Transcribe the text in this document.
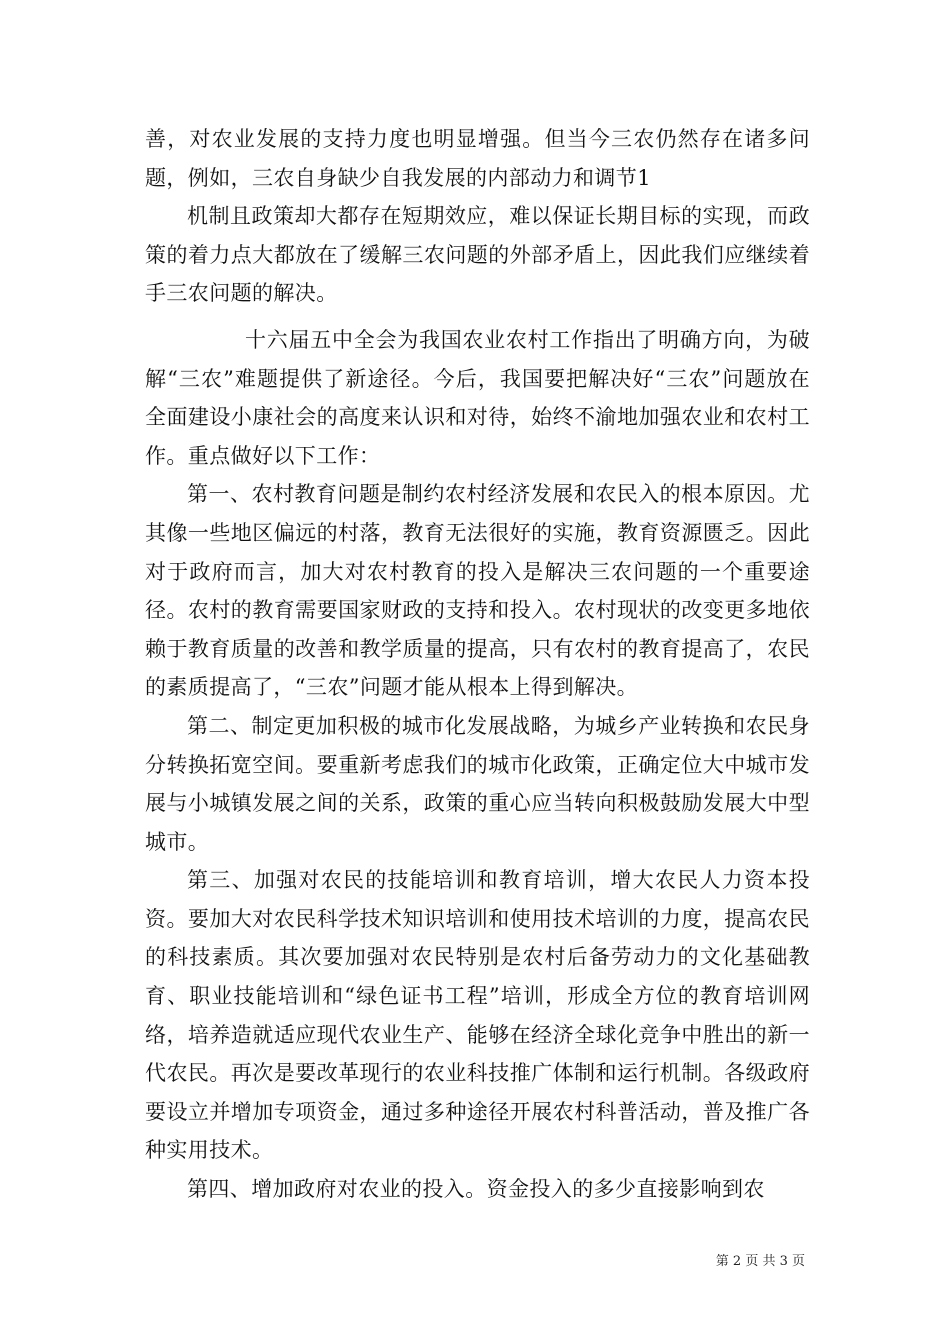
善，对农业发展的支持力度也明显增强。但当今三农仍然存在诸多问题，例如，三农自身缺少自我发展的内部动力和调节1

机制且政策却大都存在短期效应，难以保证长期目标的实现，而政策的着力点大都放在了缓解三农问题的外部矛盾上，因此我们应继续着手三农问题的解决。

十六届五中全会为我国农业农村工作指出了明确方向，为破解“三农”难题提供了新途径。今后，我国要把解决好“三农”问题放在全面建设小康社会的高度来认识和对待，始终不渝地加强农业和农村工作。重点做好以下工作：

第一、农村教育问题是制约农村经济发展和农民入的根本原因。尤其像一些地区偏远的村落，教育无法很好的实施，教育资源匮乏。因此对于政府而言，加大对农村教育的投入是解决三农问题的一个重要途径。农村的教育需要国家财政的支持和投入。农村现状的改变更多地依赖于教育质量的改善和教学质量的提高，只有农村的教育提高了，农民的素质提高了，“三农”问题才能从根本上得到解决。

第二、制定更加积极的城市化发展战略，为城乡产业转换和农民身分转换拓宽空间。要重新考虑我们的城市化政策，正确定位大中城市发展与小城镇发展之间的关系，政策的重心应当转向积极鼓励发展大中型城市。

第三、加强对农民的技能培训和教育培训，增大农民人力资本投资。要加大对农民科学技术知识培训和使用技术培训的力度，提高农民的科技素质。其次要加强对农民特别是农村后备劳动力的文化基础教育、职业技能培训和“绿色证书工程”培训，形成全方位的教育培训网络，培养造就适应现代农业生产、能够在经济全球化竞争中胜出的新一代农民。再次是要改革现行的农业科技推广体制和运行机制。各级政府要设立并增加专项资金，通过多种途径开展农村科普活动，普及推广各种实用技术。

第四、增加政府对农业的投入。资金投入的多少直接影响到农

第 2 页 共 3 页
